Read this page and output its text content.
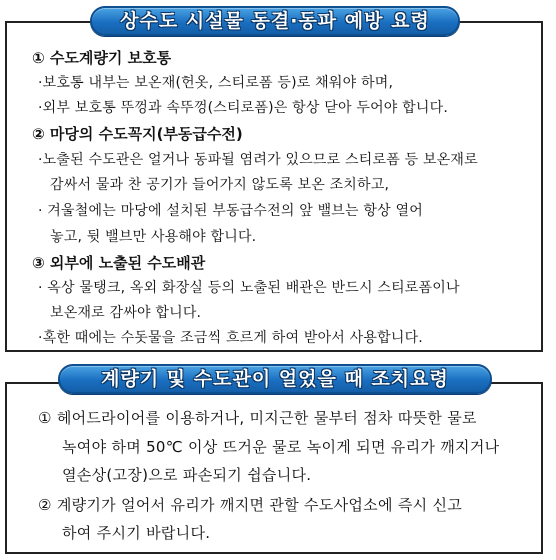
상수도 시설물 동결·동파 예방 요령
① 수도계량기 보호통
·보호통 내부는 보온재(헌옷, 스티로폼 등)로 채워야 하며,
·외부 보호통 뚜껑과 속뚜껑(스티로폼)은 항상 닫아 두어야 합니다.
② 마당의 수도꼭지(부동급수전)
·노출된 수도관은 얼거나 동파될 염려가 있으므로 스티로폼 등 보온재로
감싸서 물과 찬 공기가 들어가지 않도록 보온 조치하고,
· 겨울철에는 마당에 설치된 부동급수전의 앞 밸브는 항상 열어
놓고, 뒷 밸브만 사용해야 합니다.
③ 외부에 노출된 수도배관
· 옥상 물탱크, 옥외 화장실 등의 노출된 배관은 반드시 스티로폼이나
보온재로 감싸야 합니다.
·혹한 때에는 수돗물을 조금씩 흐르게 하여 받아서 사용합니다.
계량기 및 수도관이 얼었을 때 조치요령
① 헤어드라이어를 이용하거나, 미지근한 물부터 점차 따뜻한 물로
녹여야 하며 50℃ 이상 뜨거운 물로 녹이게 되면 유리가 깨지거나
열손상(고장)으로 파손되기 쉽습니다.
② 계량기가 얼어서 유리가 깨지면 관할 수도사업소에 즉시 신고
하여 주시기 바랍니다.
